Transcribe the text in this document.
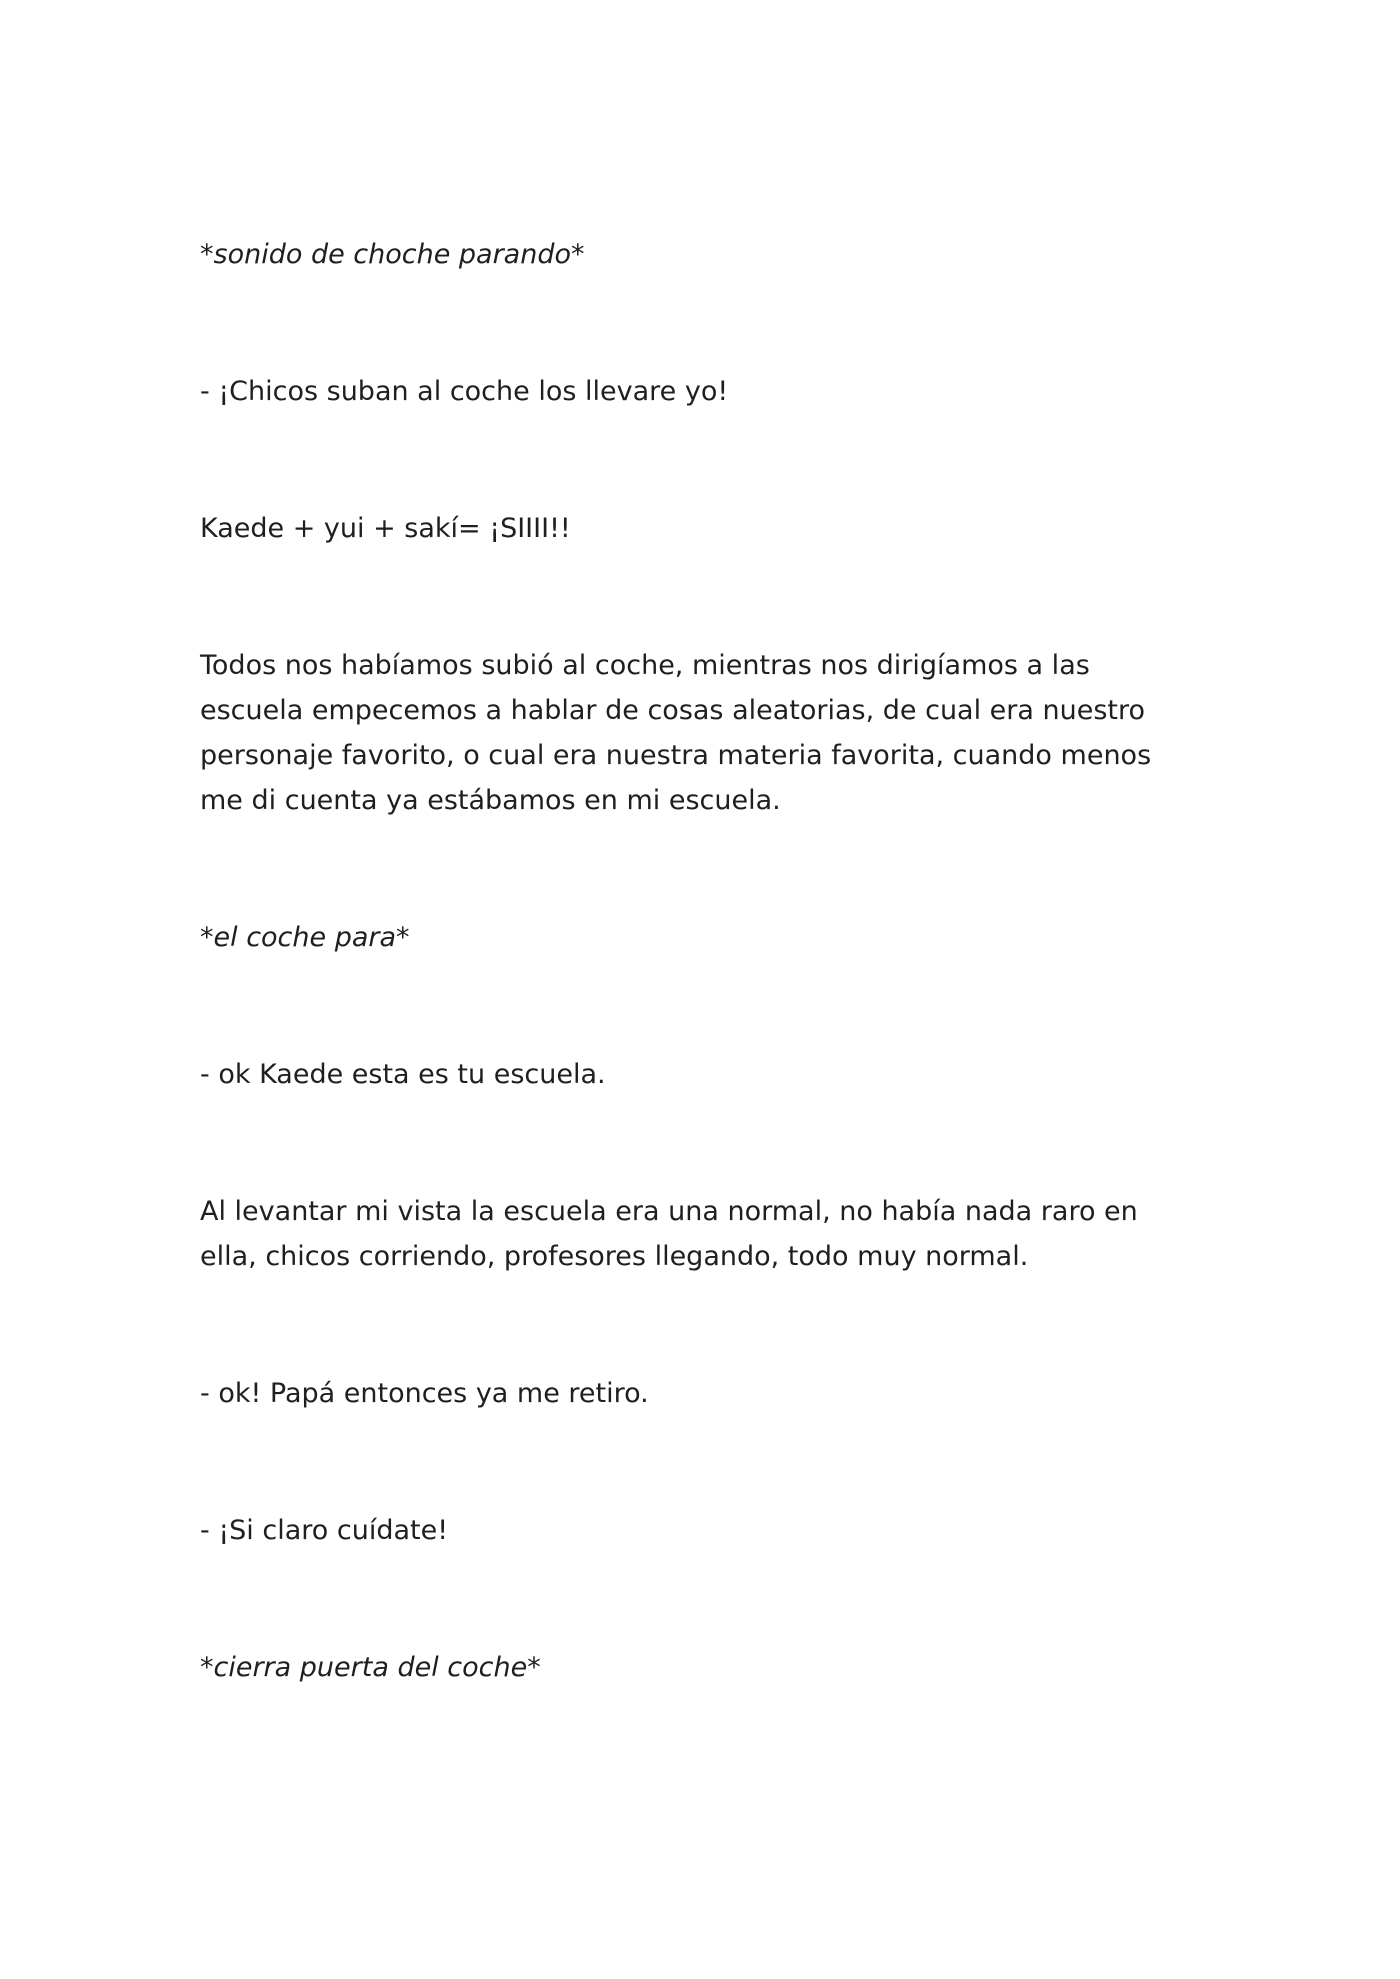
*sonido de choche parando*

- ¡Chicos suban al coche los llevare yo!

Kaede + yui + sakí= ¡SIIII!!

Todos nos habíamos subió al coche, mientras nos dirigíamos a las escuela empecemos a hablar de cosas aleatorias, de cual era nuestro personaje favorito, o cual era nuestra materia favorita, cuando menos me di cuenta ya estábamos en mi escuela.

*el coche para*

- ok Kaede esta es tu escuela.

Al levantar mi vista la escuela era una normal, no había nada raro en ella, chicos corriendo, profesores llegando, todo muy normal.

- ok! Papá entonces ya me retiro.

- ¡Si claro cuídate!

*cierra puerta del coche*
